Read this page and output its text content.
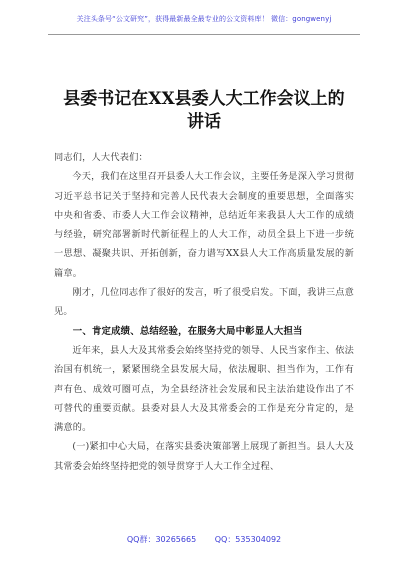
关注头条号“公文研究”，获得最新最全最专业的公文资料库！ 微信：gongwenyj
县委书记在XX县委人大工作会议上的
讲话

同志们，人大代表们：

今天，我们在这里召开县委人大工作会议，主要任务是深入学习贯彻习近平总书记关于坚持和完善人民代表大会制度的重要思想，全面落实中央和省委、市委人大工作会议精神，总结近年来我县人大工作的成绩与经验，研究部署新时代新征程上的人大工作，动员全县上下进一步统一思想、凝聚共识、开拓创新，奋力谱写XX县人大工作高质量发展的新篇章。

刚才，几位同志作了很好的发言，听了很受启发。下面，我讲三点意见。

一、肯定成绩、总结经验，在服务大局中彰显人大担当

近年来，县人大及其常委会始终坚持党的领导、人民当家作主、依法治国有机统一，紧紧围绕全县发展大局，依法履职、担当作为，工作有声有色、成效可圈可点，为全县经济社会发展和民主法治建设作出了不可替代的重要贡献。县委对县人大及其常委会的工作是充分肯定的，是满意的。

(一)紧扣中心大局，在落实县委决策部署上展现了新担当。县人大及其常委会始终坚持把党的领导贯穿于人大工作全过程、

QQ群：30265665 QQ：535304092
